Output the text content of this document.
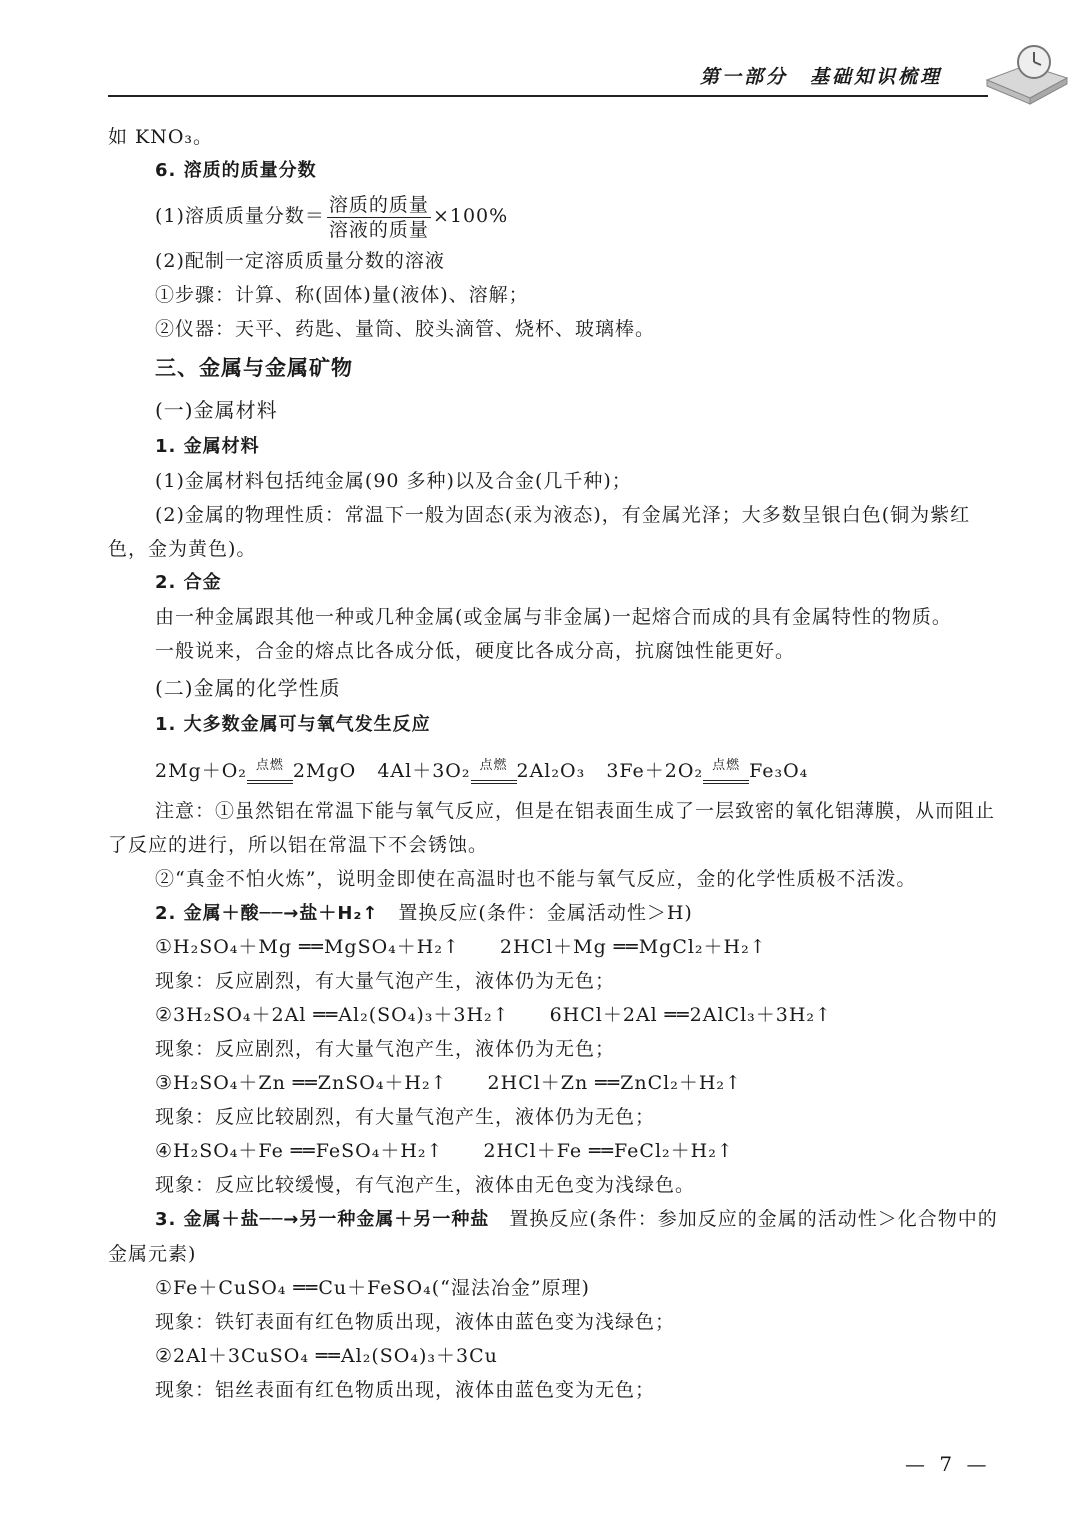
第一部分　基础知识梳理
如 KNO₃。
6. 溶质的质量分数
(1)溶质质量分数＝ $\frac{\text{溶质的质量}}{\text{溶液的质量}} \times 100\%$
(2)配制一定溶质质量分数的溶液
①步骤：计算、称(固体)量(液体)、溶解；
②仪器：天平、药匙、量筒、胶头滴管、烧杯、玻璃棒。
三、金属与金属矿物
(一)金属材料
1. 金属材料
(1)金属材料包括纯金属(90 多种)以及合金(几千种)；
(2)金属的物理性质：常温下一般为固态(汞为液态)，有金属光泽；大多数呈银白色(铜为紫红色，金为黄色)。
2. 合金
由一种金属跟其他一种或几种金属(或金属与非金属)一起熔合而成的具有金属特性的物质。
一般说来，合金的熔点比各成分低，硬度比各成分高，抗腐蚀性能更好。
(二)金属的化学性质
1. 大多数金属可与氧气发生反应
2Mg＋O₂ 点燃 2MgO 4Al＋3O₂ 点燃 2Al₂O₃ 3Fe＋2O₂ 点燃 Fe₃O₄
注意：①虽然铝在常温下能与氧气反应，但是在铝表面生成了一层致密的氧化铝薄膜，从而阻止了反应的进行，所以铝在常温下不会锈蚀。
②“真金不怕火炼”，说明金即使在高温时也不能与氧气反应，金的化学性质极不活泼。
2. 金属＋酸──→盐＋H₂↑　置换反应(条件：金属活动性＞H)
①H₂SO₄＋Mg ══MgSO₄＋H₂↑　　2HCl＋Mg ══MgCl₂＋H₂↑
现象：反应剧烈，有大量气泡产生，液体仍为无色；
②3H₂SO₄＋2Al ══Al₂(SO₄)₃＋3H₂↑　　6HCl＋2Al ══2AlCl₃＋3H₂↑
现象：反应剧烈，有大量气泡产生，液体仍为无色；
③H₂SO₄＋Zn ══ZnSO₄＋H₂↑　　2HCl＋Zn ══ZnCl₂＋H₂↑
现象：反应比较剧烈，有大量气泡产生，液体仍为无色；
④H₂SO₄＋Fe ══FeSO₄＋H₂↑　　2HCl＋Fe ══FeCl₂＋H₂↑
现象：反应比较缓慢，有气泡产生，液体由无色变为浅绿色。
3. 金属＋盐──→另一种金属＋另一种盐　置换反应(条件：参加反应的金属的活动性＞化合物中的金属元素)
①Fe＋CuSO₄ ══Cu＋FeSO₄(“湿法冶金”原理)
现象：铁钉表面有红色物质出现，液体由蓝色变为浅绿色；
②2Al＋3CuSO₄ ══Al₂(SO₄)₃＋3Cu
现象：铝丝表面有红色物质出现，液体由蓝色变为无色；
— 7 —
